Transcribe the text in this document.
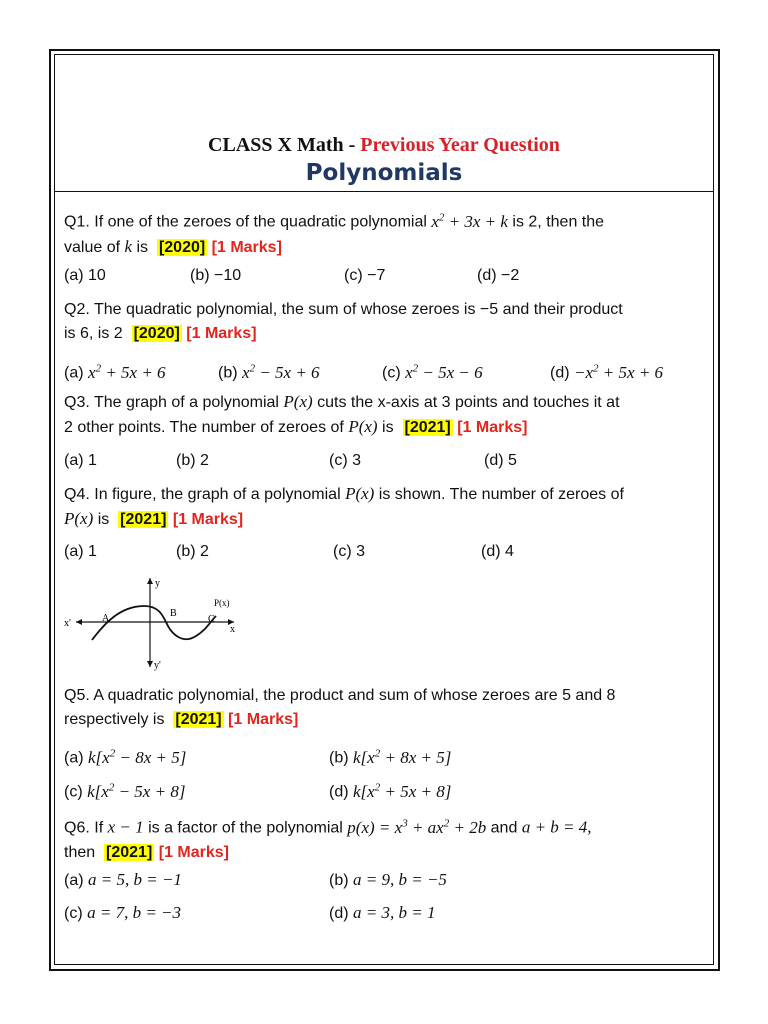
CLASS X Math - Previous Year Question
Polynomials
Q1. If one of the zeroes of the quadratic polynomial $x^2 + 3x + k$ is 2, then the
value of k is [2020] [1 Marks]
(a) 10	(b) −10	(c) −7	(d) −2
Q2. The quadratic polynomial, the sum of whose zeroes is −5 and their product
is 6, is 2 [2020] [1 Marks]
(a) $x^2 + 5x + 6$	(b) $x^2 - 5x + 6$	(c) $x^2 - 5x - 6$	$(d) -x^2 + 5x + 6$
Q3. The graph of a polynomial P(x) cuts the x-axis at 3 points and touches it at
2 other points. The number of zeroes of P(x) is [2021] [1 Marks]
(a) 1	(b) 2	(c) 3	(d) 5
Q4. In figure, the graph of a polynomial P(x) is shown. The number of zeroes of
P(x) is [2021] [1 Marks]
(a) 1	(b) 2	(c) 3	(d) 4
x'
x
y
y'
A	B
C
P(x)
Q5. A quadratic polynomial, the product and sum of whose zeroes are 5 and 8
respectively is [2021] [1 Marks]
(a) $k[x^2 - 8x + 5]$	(b) $k[x^2 + 8x + 5]$
(c) $k[x^2 - 5x + 8]$	(d) $k[x^2 + 5x + 8]$
Q6. If x − 1 is a factor of the polynomial $p(x) = x^3 + ax^2 + 2b$ and a + b = 4,
then [2021] [1 Marks]
(a) a = 5, b = −1	(b) a = 9, b = −5
(c) a = 7, b = −3	(d) a = 3, b = 1
